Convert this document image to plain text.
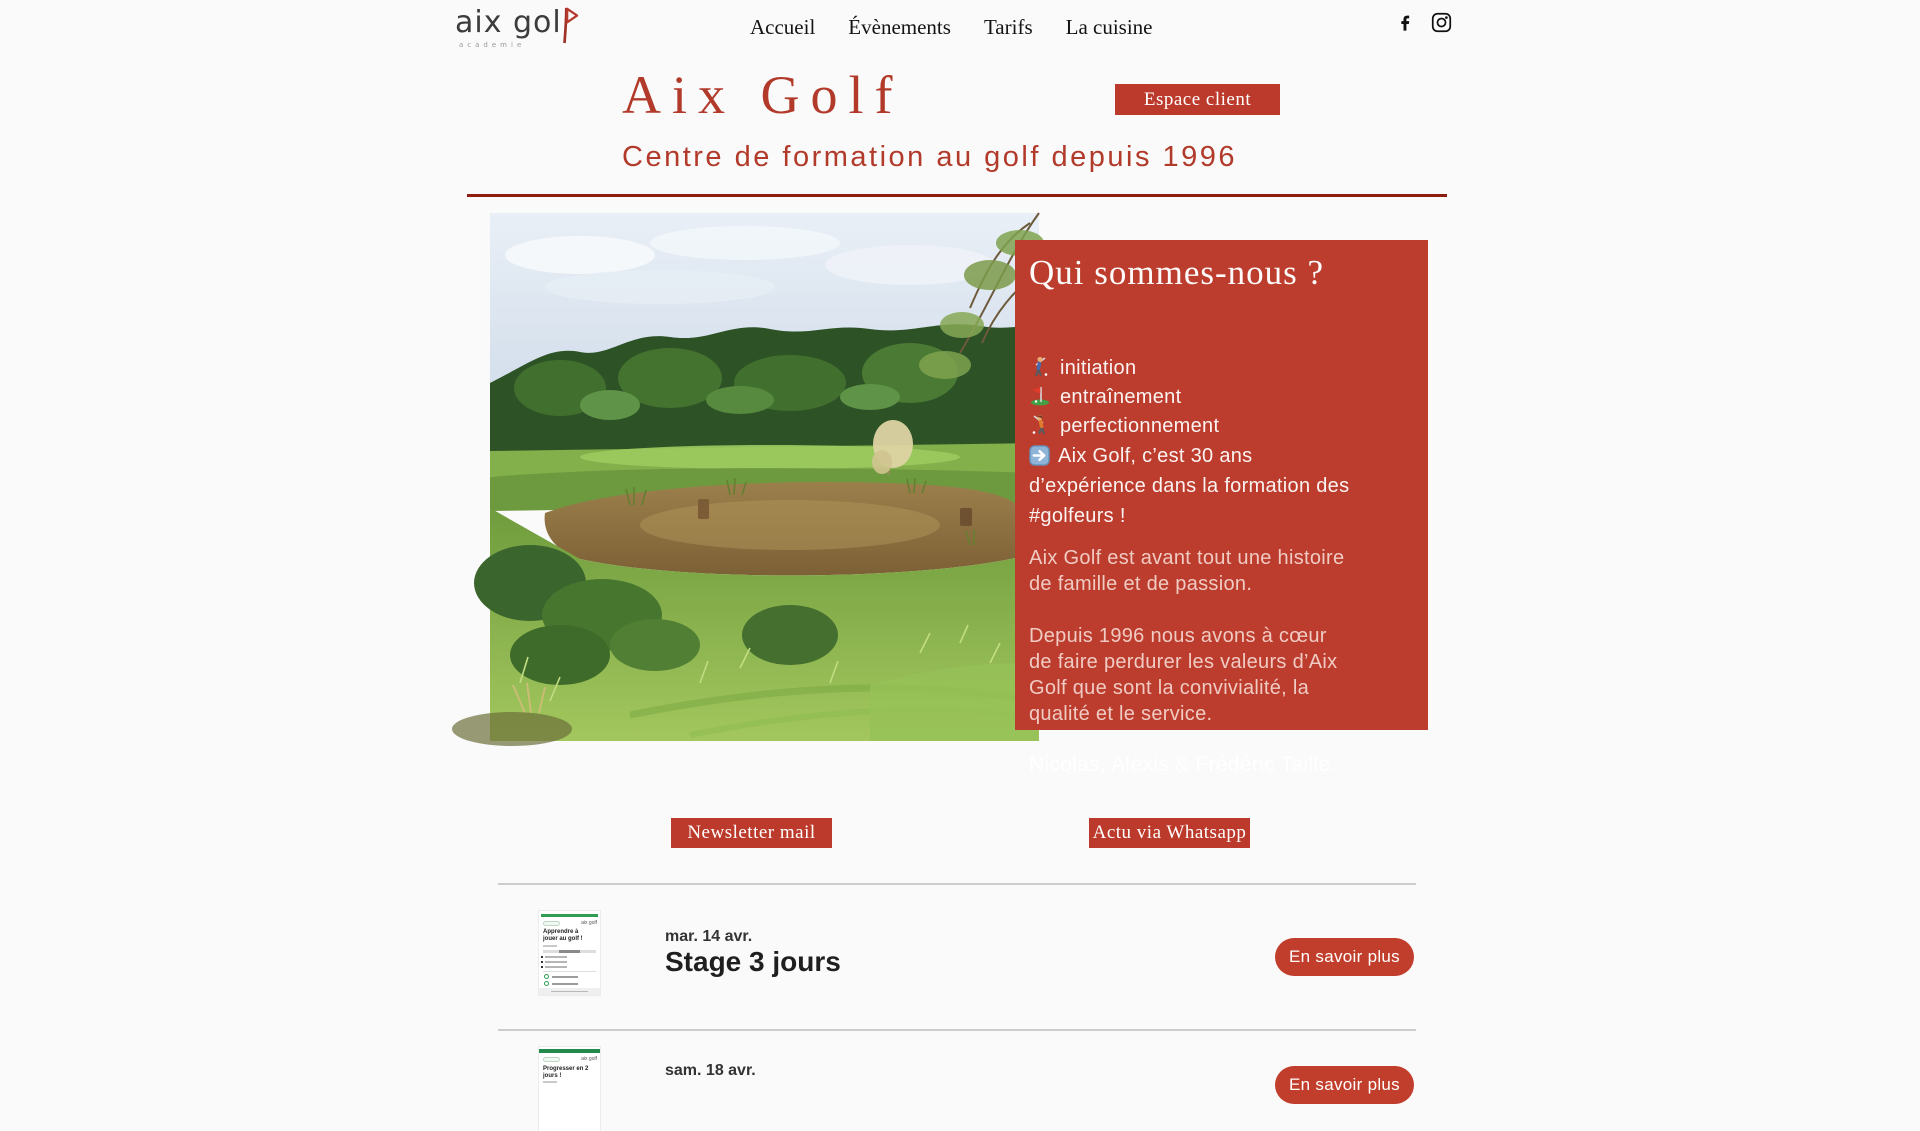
aix gol
academie
Accueil Évènements Tarifs La cuisine
Aix Golf	Espace client
Centre de formation au golf depuis 1996
Qui sommes-nous ?
initiation
entraînement
perfectionnement
Aix Golf, c’est 30 ans d’expérience dans la formation des #golfeurs !

Aix Golf est avant tout une histoire de famille et de passion.

Depuis 1996 nous avons à cœur de faire perdurer les valeurs d’Aix Golf que sont la convivialité, la qualité et le service.

Nicolas, Alexis & Frédéric Taille.
Newsletter mail	Actu via Whatsapp
aix golf
Apprendre à jouer au golf !	mar. 14 avr.
Stage 3 jours	En savoir plus
aix golf
Progresser en 2 jours !	sam. 18 avr.
En savoir plus
